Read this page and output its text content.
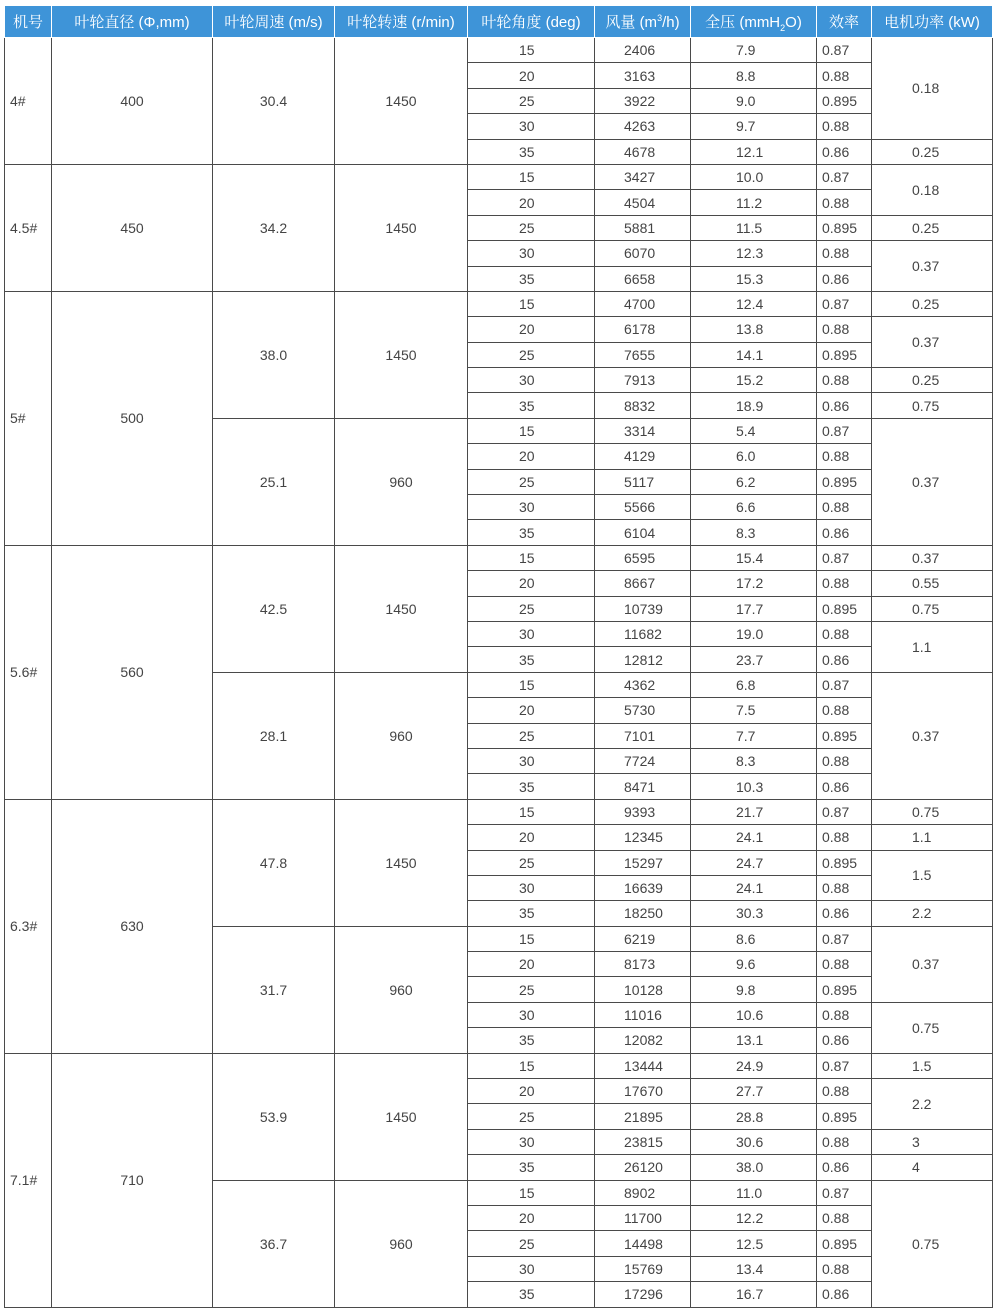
机号	叶轮直径 (Φ,mm)	叶轮周速 (m/s)	叶轮转速 (r/min)	叶轮角度 (deg)	风量 $(m^3/h)$	全压 (mmH$_2$O)	效率	电机功率 (kW)
4#	400	30.4	1450	15	2406	7.9	0.87	0.18
				20	3163	8.8	0.88	
				25	3922	9.0	0.895	
				30	4263	9.7	0.88	
				35	4678	12.1	0.86	0.25
4.5#	450	34.2	1450	15	3427	10.0	0.87	0.18
				20	4504	11.2	0.88	
				25	5881	11.5	0.895	0.25
				30	6070	12.3	0.88	0.37
				35	6658	15.3	0.86	
5#	500	38.0	1450	15	4700	12.4	0.87	0.25
				20	6178	13.8	0.88	0.37
				25	7655	14.1	0.895	
				30	7913	15.2	0.88	0.25
				35	8832	18.9	0.86	0.75
		25.1	960	15	3314	5.4	0.87	0.37
				20	4129	6.0	0.88	
				25	5117	6.2	0.895	
				30	5566	6.6	0.88	
				35	6104	8.3	0.86	
5.6#	560	42.5	1450	15	6595	15.4	0.87	0.37
				20	8667	17.2	0.88	0.55
				25	10739	17.7	0.895	0.75
				30	11682	19.0	0.88	1.1
				35	12812	23.7	0.86	
		28.1	960	15	4362	6.8	0.87	0.37
				20	5730	7.5	0.88	
				25	7101	7.7	0.895	
				30	7724	8.3	0.88	
				35	8471	10.3	0.86	
6.3#	630	47.8	1450	15	9393	21.7	0.87	0.75
				20	12345	24.1	0.88	1.1
				25	15297	24.7	0.895	1.5
				30	16639	24.1	0.88	
				35	18250	30.3	0.86	2.2
		31.7	960	15	6219	8.6	0.87	0.37
				20	8173	9.6	0.88	
				25	10128	9.8	0.895	
				30	11016	10.6	0.88	0.75
				35	12082	13.1	0.86	
7.1#	710	53.9	1450	15	13444	24.9	0.87	1.5
				20	17670	27.7	0.88	2.2
				25	21895	28.8	0.895	
				30	23815	30.6	0.88	3
				35	26120	38.0	0.86	4
		36.7	960	15	8902	11.0	0.87	0.75
				20	11700	12.2	0.88	
				25	14498	12.5	0.895	
				30	15769	13.4	0.88	
				35	17296	16.7	0.86	
